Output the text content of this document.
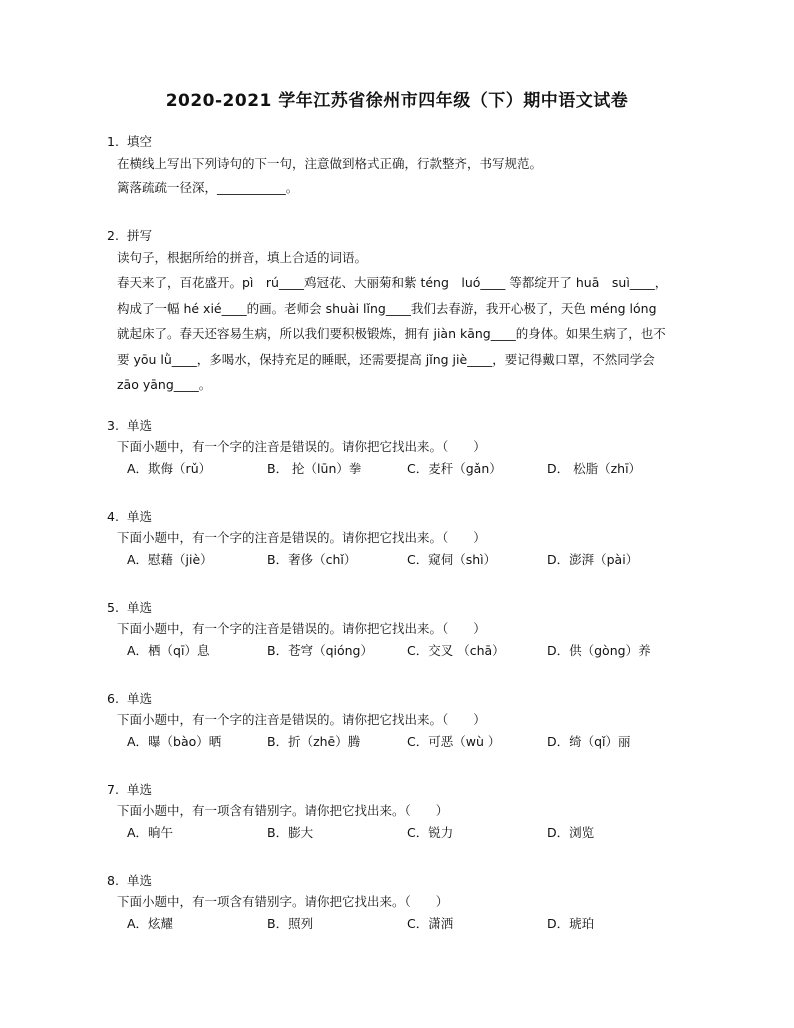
2020-2021 学年江苏省徐州市四年级（下）期中语文试卷
1. 填空
在横线上写出下列诗句的下一句，注意做到格式正确，行款整齐，书写规范。
篱落疏疏一径深，___________。
2. 拼写
读句子，根据所给的拼音，填上合适的词语。
春天来了，百花盛开。pì　rú____鸡冠花、大丽菊和紫 téng　luó____ 等都绽开了 huā　suì____，
构成了一幅 hé xié____的画。老师会 shuài lǐng____我们去春游，我开心极了，天色 méng lóng
就起床了。春天还容易生病，所以我们要积极锻炼，拥有 jiàn kāng____的身体。如果生病了，也不
要 yōu lǜ____，多喝水，保持充足的睡眠，还需要提高 jǐng jiè____，要记得戴口罩，不然同学会
zāo yāng____。
3. 单选
下面小题中，有一个字的注音是错误的。请你把它找出来。（　　）
A．欺侮（rǔ）	B． 抡（lūn）拳	C．麦秆（gǎn）	D． 松脂（zhī）
4. 单选
下面小题中，有一个字的注音是错误的。请你把它找出来。（　　）
A．慰藉（jiè）	B．奢侈（chǐ）	C．窥伺（shì）	D．澎湃（pài）
5. 单选
下面小题中，有一个字的注音是错误的。请你把它找出来。（　　）
A．栖（qī）息	B．苍穹（qióng）	C．交叉 （chā）	D．供（gòng）养
6. 单选
下面小题中，有一个字的注音是错误的。请你把它找出来。（　　）
A．曝（bào）晒	B．折（zhē）腾	C．可恶（wù ）	D．绮（qǐ）丽
7. 单选
下面小题中，有一项含有错别字。请你把它找出来。（　　）
A．晌午	B．膨大	C．锐力	D．浏览
8. 单选
下面小题中，有一项含有错别字。请你把它找出来。（　　）
A．炫耀	B．照列	C．潇洒	D．琥珀
